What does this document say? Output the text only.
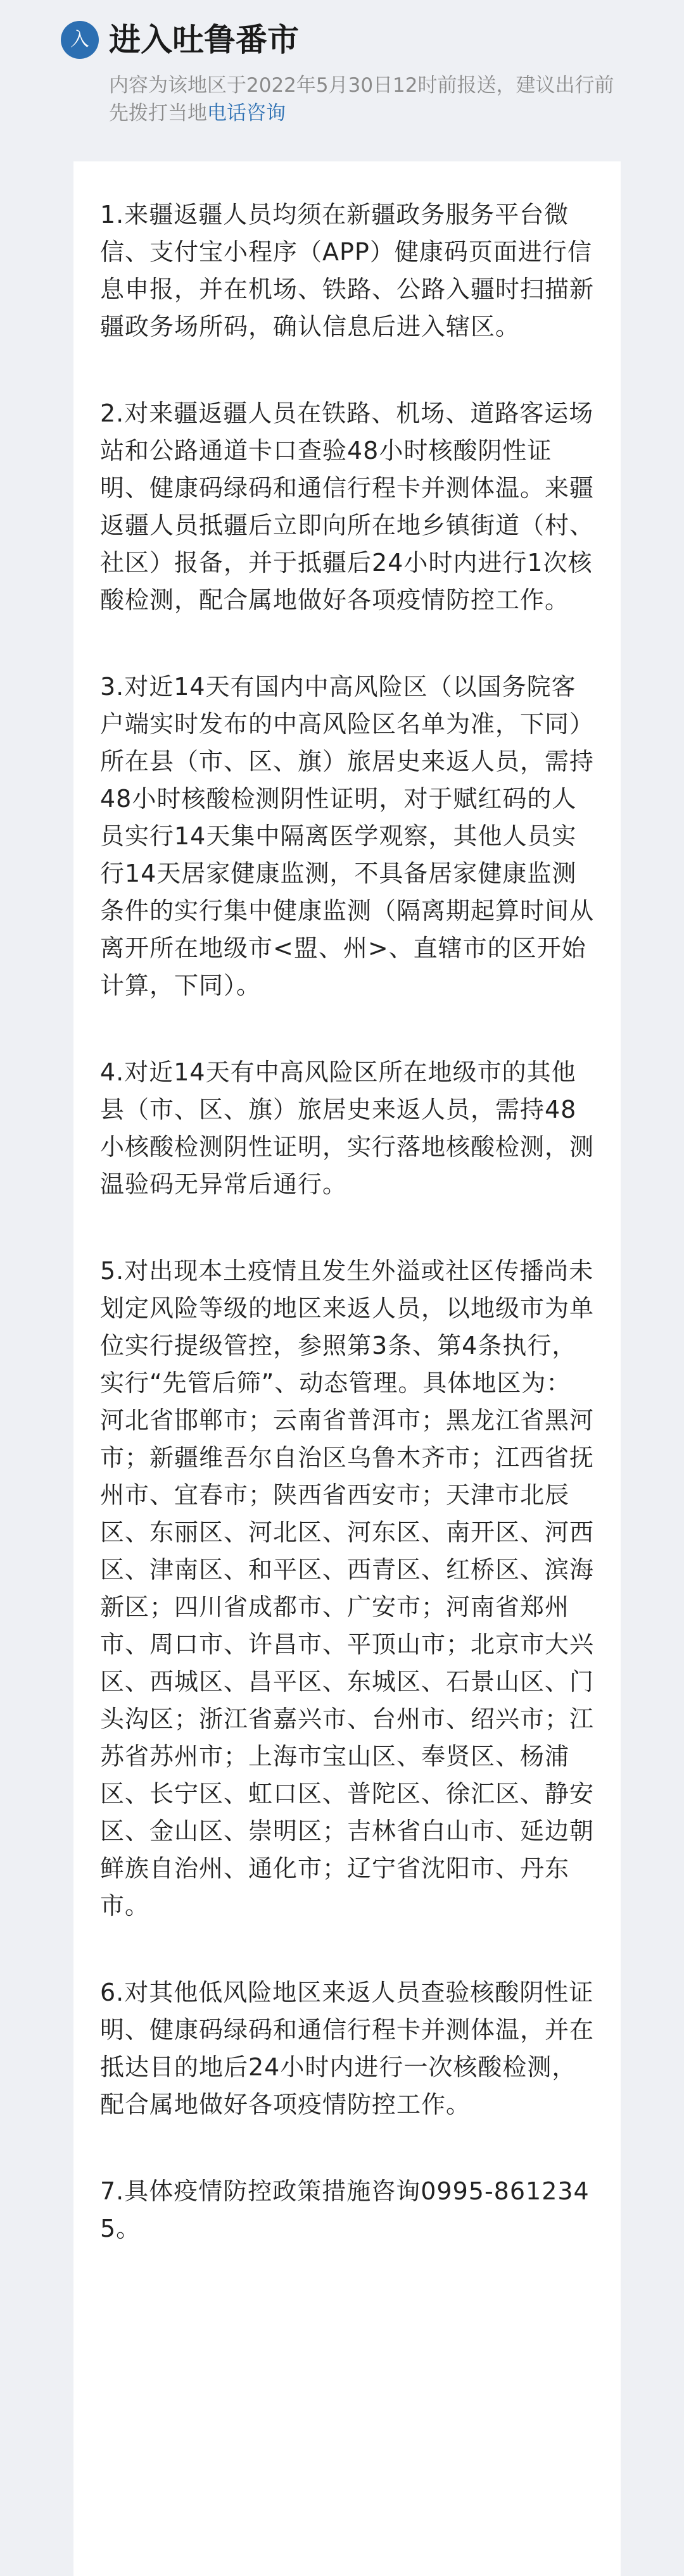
入 进入吐鲁番市
内容为该地区于2022年5月30日12时前报送，建议出行前先拨打当地电话咨询

1.来疆返疆人员均须在新疆政务服务平台微信、支付宝小程序（APP）健康码页面进行信息申报，并在机场、铁路、公路入疆时扫描新疆政务场所码，确认信息后进入辖区。

2.对来疆返疆人员在铁路、机场、道路客运场站和公路通道卡口查验48小时核酸阴性证明、健康码绿码和通信行程卡并测体温。来疆返疆人员抵疆后立即向所在地乡镇街道（村、社区）报备，并于抵疆后24小时内进行1次核酸检测，配合属地做好各项疫情防控工作。

3.对近14天有国内中高风险区（以国务院客户端实时发布的中高风险区名单为准，下同）所在县（市、区、旗）旅居史来返人员，需持48小时核酸检测阴性证明，对于赋红码的人员实行14天集中隔离医学观察，其他人员实行14天居家健康监测，不具备居家健康监测条件的实行集中健康监测（隔离期起算时间从离开所在地级市<盟、州>、直辖市的区开始计算，下同）。

4.对近14天有中高风险区所在地级市的其他县（市、区、旗）旅居史来返人员，需持48小核酸检测阴性证明，实行落地核酸检测，测温验码无异常后通行。

5.对出现本土疫情且发生外溢或社区传播尚未划定风险等级的地区来返人员，以地级市为单位实行提级管控，参照第3条、第4条执行，实行“先管后筛”、动态管理。具体地区为：河北省邯郸市；云南省普洱市；黑龙江省黑河市；新疆维吾尔自治区乌鲁木齐市；江西省抚州市、宜春市；陕西省西安市；天津市北辰区、东丽区、河北区、河东区、南开区、河西区、津南区、和平区、西青区、红桥区、滨海新区；四川省成都市、广安市；河南省郑州市、周口市、许昌市、平顶山市；北京市大兴区、西城区、昌平区、东城区、石景山区、门头沟区；浙江省嘉兴市、台州市、绍兴市；江苏省苏州市；上海市宝山区、奉贤区、杨浦区、长宁区、虹口区、普陀区、徐汇区、静安区、金山区、崇明区；吉林省白山市、延边朝鲜族自治州、通化市；辽宁省沈阳市、丹东市。

6.对其他低风险地区来返人员查验核酸阴性证明、健康码绿码和通信行程卡并测体温，并在抵达目的地后24小时内进行一次核酸检测，配合属地做好各项疫情防控工作。

7.具体疫情防控政策措施咨询0995-8612345。
